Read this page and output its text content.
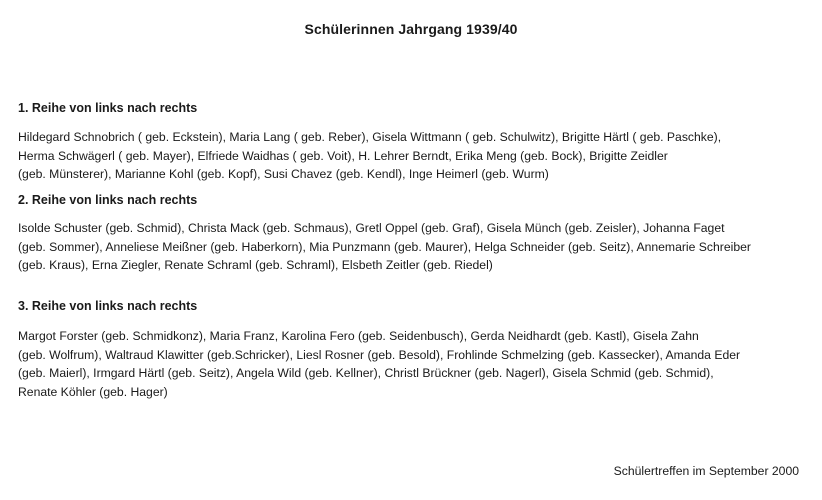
Schülerinnen Jahrgang 1939/40
1. Reihe von links nach rechts
Hildegard Schnobrich ( geb. Eckstein), Maria Lang ( geb. Reber), Gisela Wittmann ( geb. Schulwitz), Brigitte Härtl ( geb. Paschke),
Herma Schwägerl ( geb. Mayer), Elfriede Waidhas ( geb. Voit), H. Lehrer Berndt, Erika Meng (geb. Bock), Brigitte Zeidler
(geb. Münsterer), Marianne Kohl (geb. Kopf), Susi Chavez (geb. Kendl), Inge Heimerl (geb. Wurm)
2. Reihe von links nach rechts
Isolde Schuster (geb. Schmid), Christa Mack (geb. Schmaus), Gretl Oppel (geb. Graf), Gisela Münch (geb. Zeisler), Johanna Faget
(geb. Sommer), Anneliese Meißner (geb. Haberkorn), Mia Punzmann (geb. Maurer), Helga Schneider (geb. Seitz), Annemarie Schreiber
(geb. Kraus), Erna Ziegler, Renate Schraml (geb. Schraml), Elsbeth Zeitler (geb. Riedel)
3. Reihe von links nach rechts
Margot Forster (geb. Schmidkonz), Maria Franz, Karolina Fero (geb. Seidenbusch), Gerda Neidhardt (geb. Kastl), Gisela Zahn
(geb. Wolfrum), Waltraud Klawitter (geb.Schricker), Liesl Rosner (geb. Besold), Frohlinde Schmelzing (geb. Kassecker), Amanda Eder
(geb. Maierl), Irmgard Härtl (geb. Seitz), Angela Wild (geb. Kellner), Christl Brückner (geb. Nagerl), Gisela Schmid (geb. Schmid),
Renate Köhler (geb. Hager)
Schülertreffen im September 2000
